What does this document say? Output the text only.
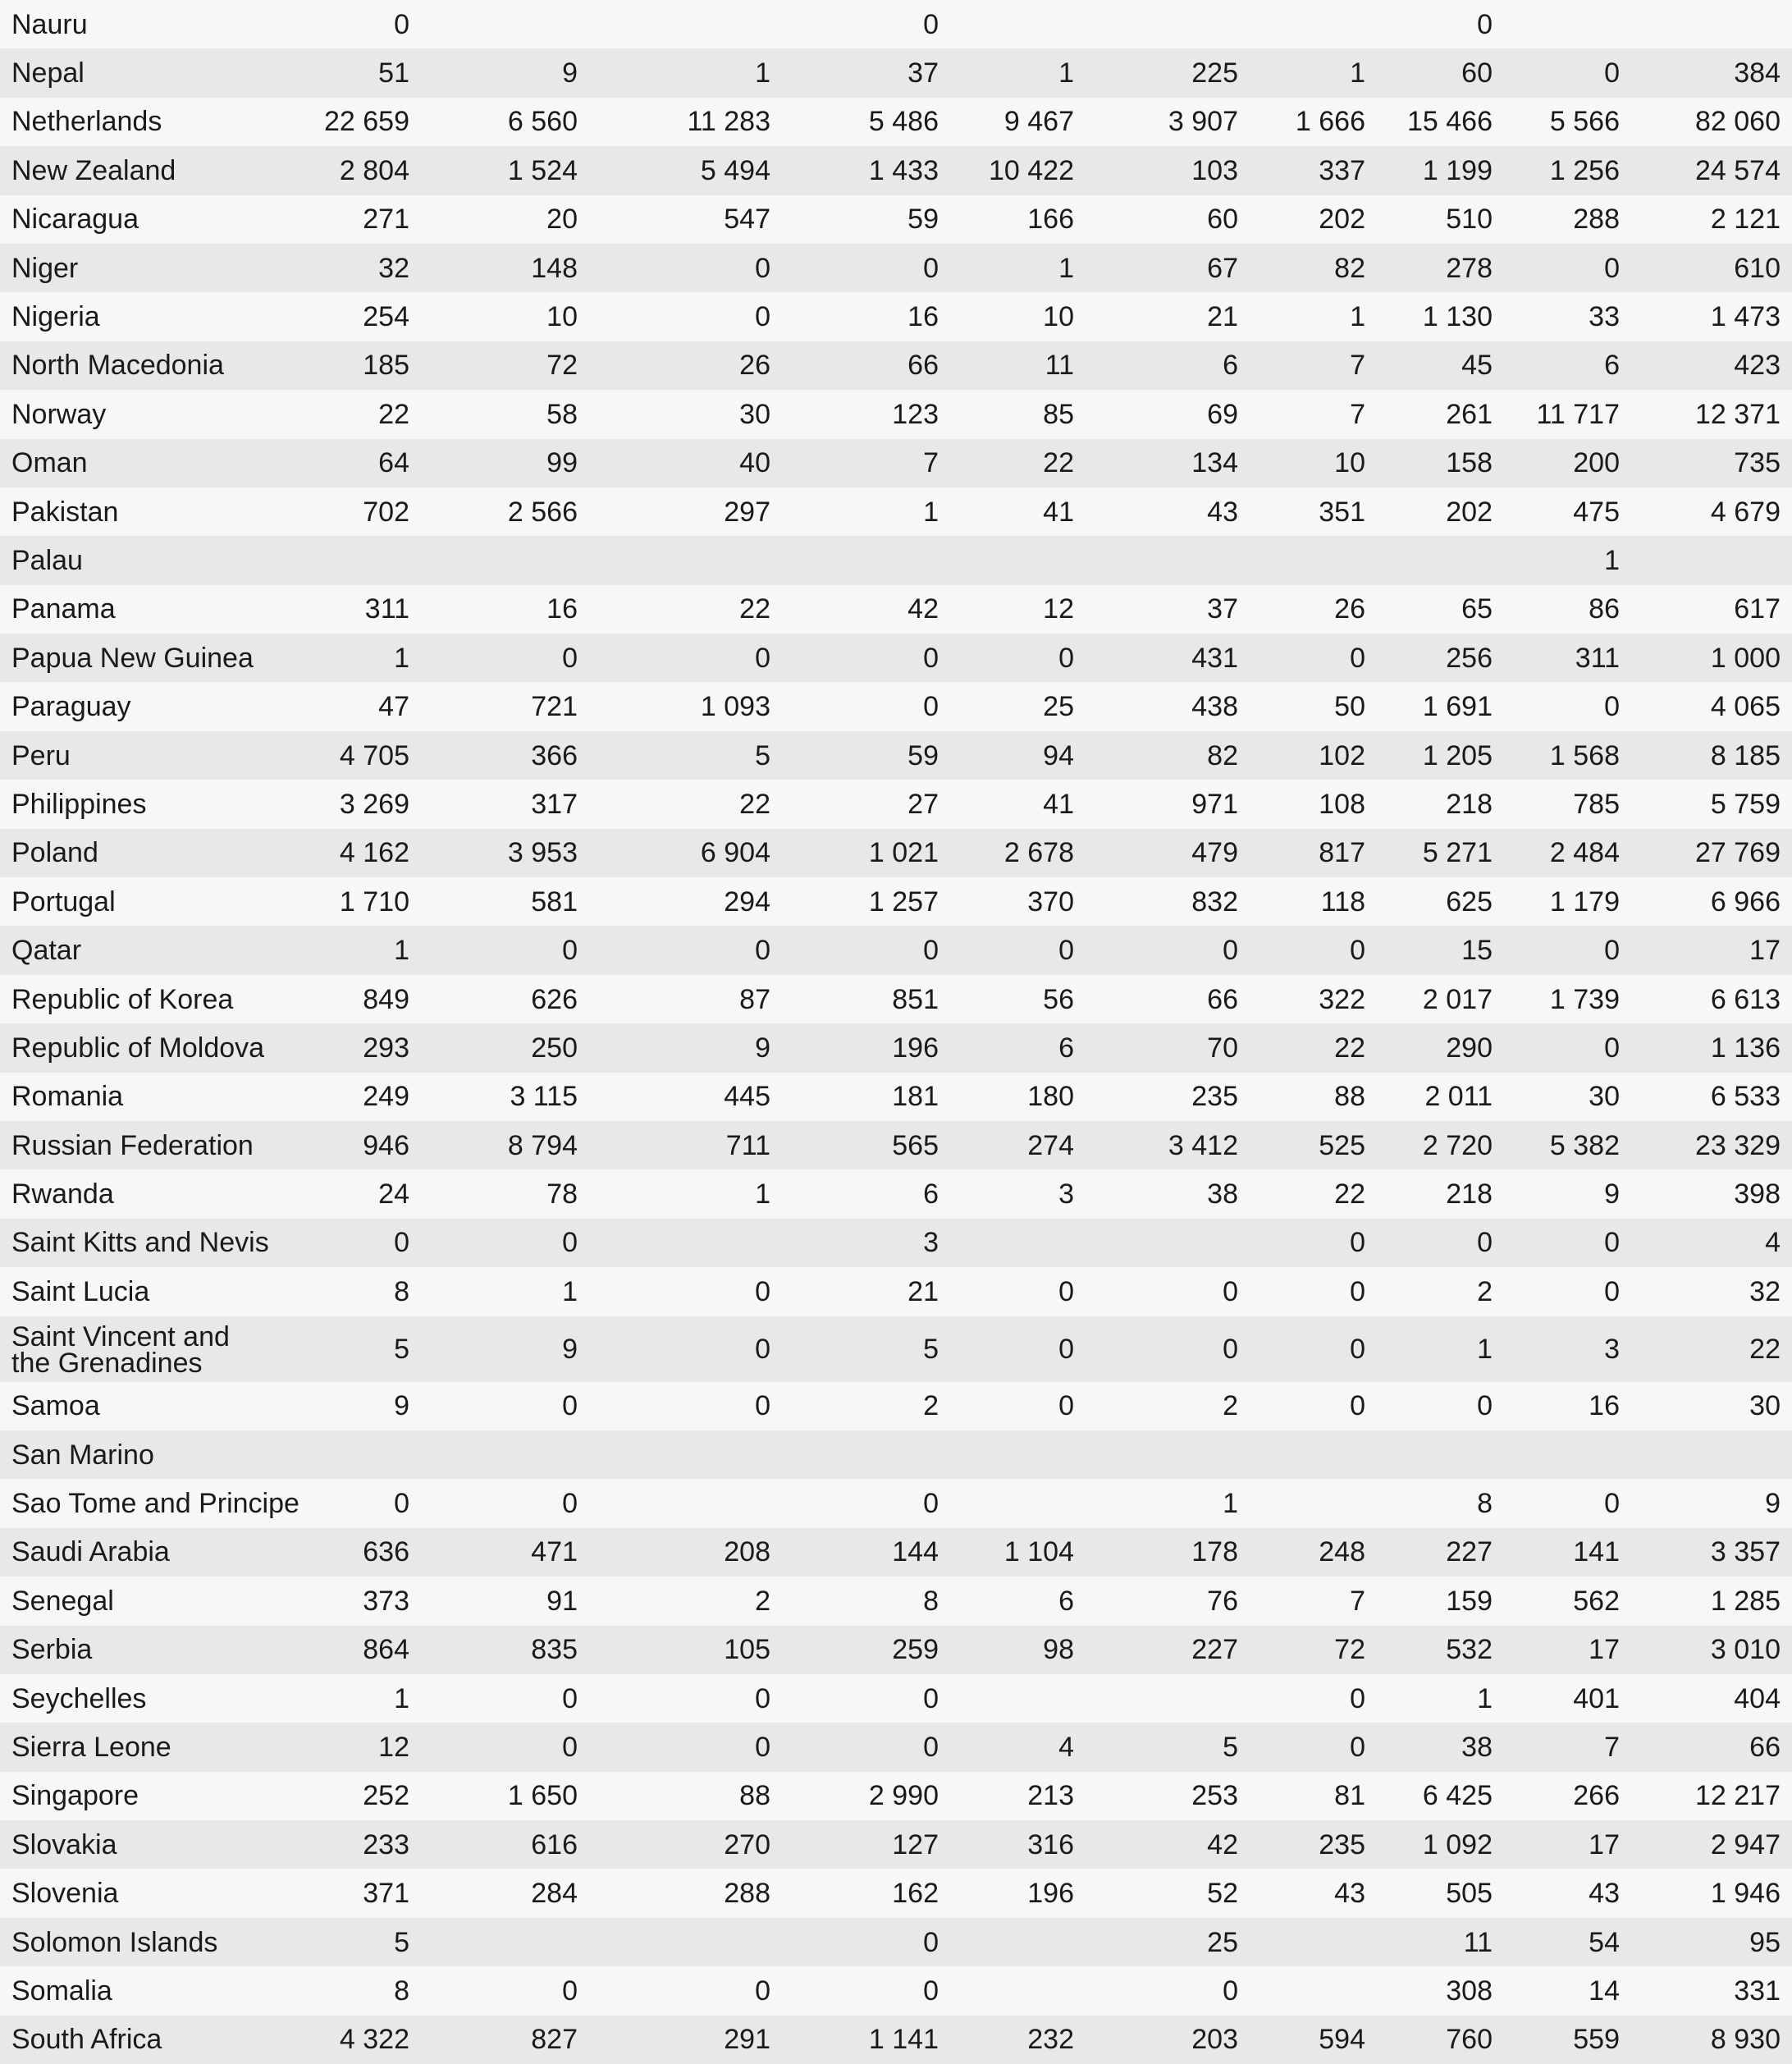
Nauru	0			0				0		
Nepal	51	9	1	37	1	225	1	60	0	384
Netherlands	22 659	6 560	11 283	5 486	9 467	3 907	1 666	15 466	5 566	82 060
New Zealand	2 804	1 524	5 494	1 433	10 422	103	337	1 199	1 256	24 574
Nicaragua	271	20	547	59	166	60	202	510	288	2 121
Niger	32	148	0	0	1	67	82	278	0	610
Nigeria	254	10	0	16	10	21	1	1 130	33	1 473
North Macedonia	185	72	26	66	11	6	7	45	6	423
Norway	22	58	30	123	85	69	7	261	11 717	12 371
Oman	64	99	40	7	22	134	10	158	200	735
Pakistan	702	2 566	297	1	41	43	351	202	475	4 679
Palau									1	
Panama	311	16	22	42	12	37	26	65	86	617
Papua New Guinea	1	0	0	0	0	431	0	256	311	1 000
Paraguay	47	721	1 093	0	25	438	50	1 691	0	4 065
Peru	4 705	366	5	59	94	82	102	1 205	1 568	8 185
Philippines	3 269	317	22	27	41	971	108	218	785	5 759
Poland	4 162	3 953	6 904	1 021	2 678	479	817	5 271	2 484	27 769
Portugal	1 710	581	294	1 257	370	832	118	625	1 179	6 966
Qatar	1	0	0	0	0	0	0	15	0	17
Republic of Korea	849	626	87	851	56	66	322	2 017	1 739	6 613
Republic of Moldova	293	250	9	196	6	70	22	290	0	1 136
Romania	249	3 115	445	181	180	235	88	2 011	30	6 533
Russian Federation	946	8 794	711	565	274	3 412	525	2 720	5 382	23 329
Rwanda	24	78	1	6	3	38	22	218	9	398
Saint Kitts and Nevis	0	0		3			0	0	0	4
Saint Lucia	8	1	0	21	0	0	0	2	0	32
Saint Vincent and the Grenadines	5	9	0	5	0	0	0	1	3	22
Samoa	9	0	0	2	0	2	0	0	16	30
San Marino										
Sao Tome and Principe	0	0		0		1		8	0	9
Saudi Arabia	636	471	208	144	1 104	178	248	227	141	3 357
Senegal	373	91	2	8	6	76	7	159	562	1 285
Serbia	864	835	105	259	98	227	72	532	17	3 010
Seychelles	1	0	0	0			0	1	401	404
Sierra Leone	12	0	0	0	4	5	0	38	7	66
Singapore	252	1 650	88	2 990	213	253	81	6 425	266	12 217
Slovakia	233	616	270	127	316	42	235	1 092	17	2 947
Slovenia	371	284	288	162	196	52	43	505	43	1 946
Solomon Islands	5			0		25		11	54	95
Somalia	8	0	0	0		0		308	14	331
South Africa	4 322	827	291	1 141	232	203	594	760	559	8 930
